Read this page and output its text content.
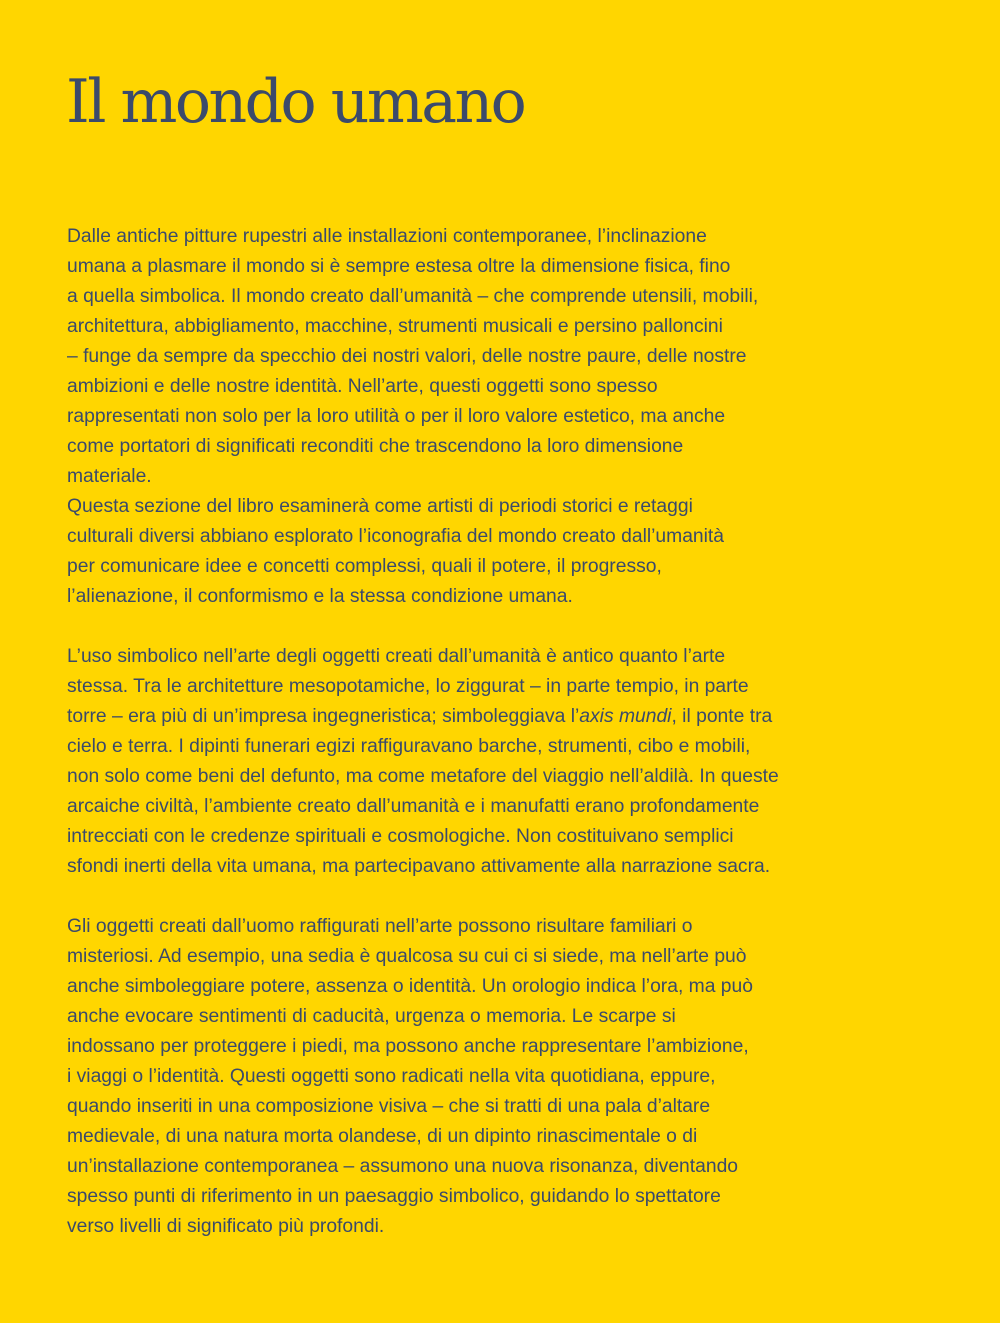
Il mondo umano

Dalle antiche pitture rupestri alle installazioni contemporanee, l’inclinazione
umana a plasmare il mondo si è sempre estesa oltre la dimensione fisica, fino
a quella simbolica. Il mondo creato dall’umanità – che comprende utensili, mobili,
architettura, abbigliamento, macchine, strumenti musicali e persino palloncini
– funge da sempre da specchio dei nostri valori, delle nostre paure, delle nostre
ambizioni e delle nostre identità. Nell’arte, questi oggetti sono spesso
rappresentati non solo per la loro utilità o per il loro valore estetico, ma anche
come portatori di significati reconditi che trascendono la loro dimensione
materiale.

Questa sezione del libro esaminerà come artisti di periodi storici e retaggi
culturali diversi abbiano esplorato l’iconografia del mondo creato dall’umanità
per comunicare idee e concetti complessi, quali il potere, il progresso,
l’alienazione, il conformismo e la stessa condizione umana.

L’uso simbolico nell’arte degli oggetti creati dall’umanità è antico quanto l’arte
stessa. Tra le architetture mesopotamiche, lo ziggurat – in parte tempio, in parte
torre – era più di un’impresa ingegneristica; simboleggiava l’axis mundi, il ponte tra
cielo e terra. I dipinti funerari egizi raffiguravano barche, strumenti, cibo e mobili,
non solo come beni del defunto, ma come metafore del viaggio nell’aldilà. In queste
arcaiche civiltà, l’ambiente creato dall’umanità e i manufatti erano profondamente
intrecciati con le credenze spirituali e cosmologiche. Non costituivano semplici
sfondi inerti della vita umana, ma partecipavano attivamente alla narrazione sacra.

Gli oggetti creati dall’uomo raffigurati nell’arte possono risultare familiari o
misteriosi. Ad esempio, una sedia è qualcosa su cui ci si siede, ma nell’arte può
anche simboleggiare potere, assenza o identità. Un orologio indica l’ora, ma può
anche evocare sentimenti di caducità, urgenza o memoria. Le scarpe si
indossano per proteggere i piedi, ma possono anche rappresentare l’ambizione,
i viaggi o l’identità. Questi oggetti sono radicati nella vita quotidiana, eppure,
quando inseriti in una composizione visiva – che si tratti di una pala d’altare
medievale, di una natura morta olandese, di un dipinto rinascimentale o di
un’installazione contemporanea – assumono una nuova risonanza, diventando
spesso punti di riferimento in un paesaggio simbolico, guidando lo spettatore
verso livelli di significato più profondi.
